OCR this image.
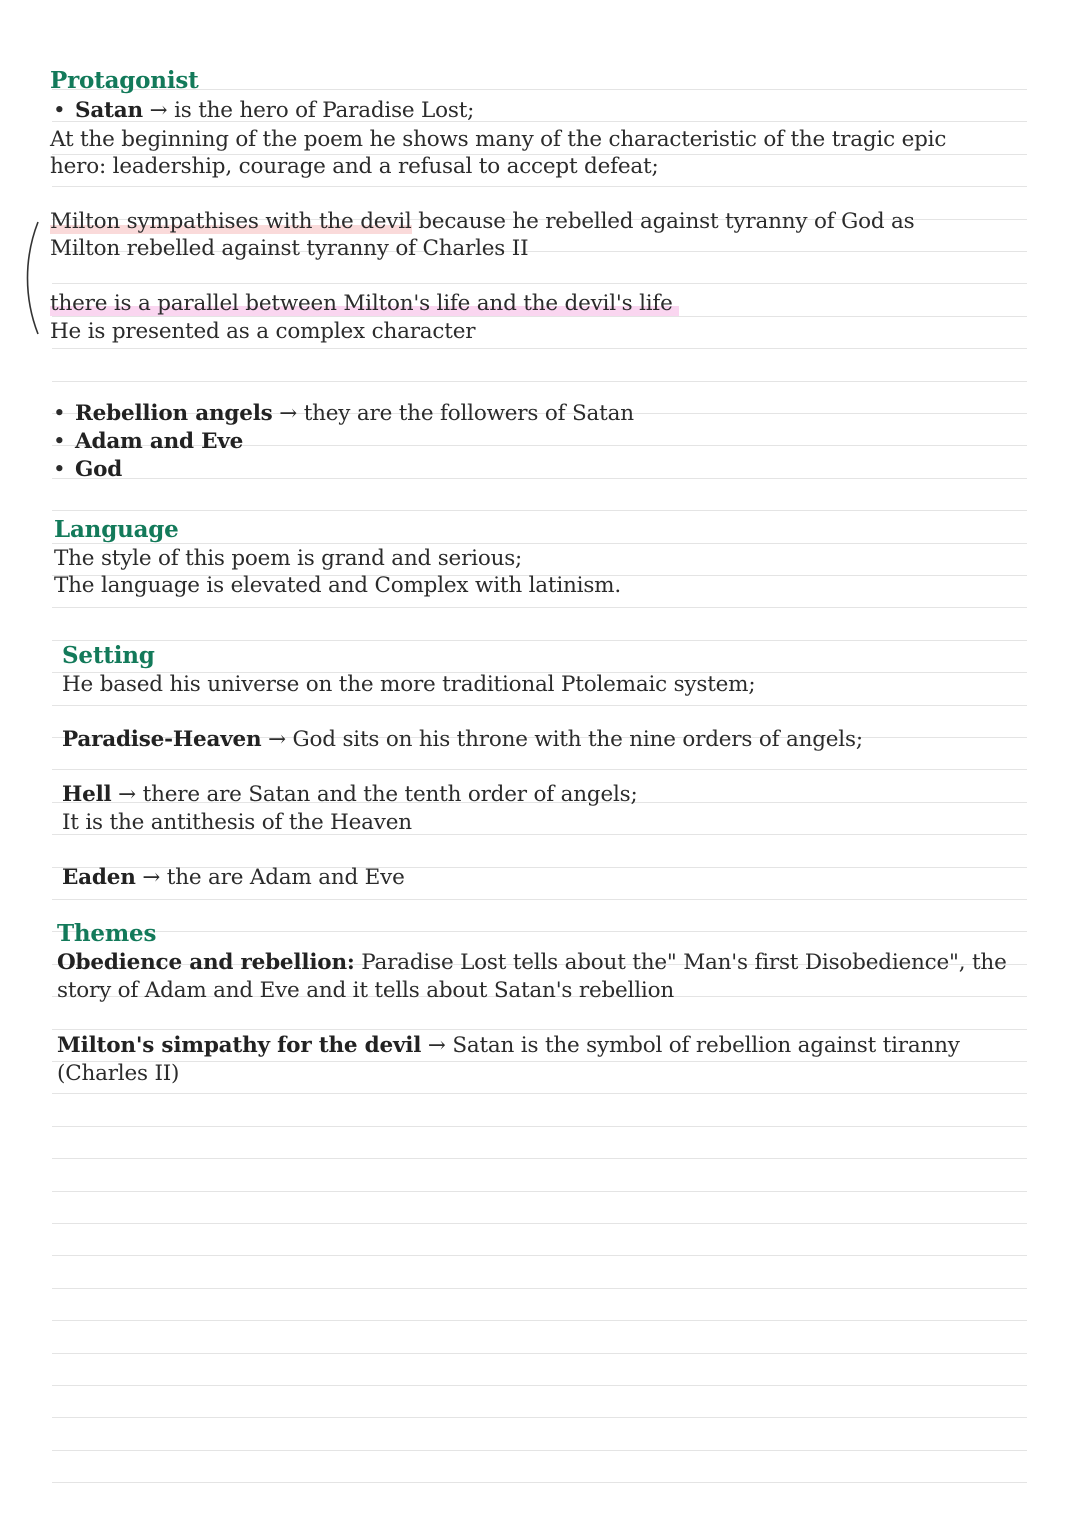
Protagonist
• Satan → is the hero of Paradise Lost;
At the beginning of the poem he shows many of the characteristic of the tragic epic
hero: leadership, courage and a refusal to accept defeat;
Milton sympathises with the devil because he rebelled against tyranny of God as
Milton rebelled against tyranny of Charles II
there is a parallel between Milton's life and the devil's life
He is presented as a complex character
• Rebellion angels → they are the followers of Satan
• Adam and Eve
• God
Language
The style of this poem is grand and serious;
The language is elevated and Complex with latinism.
Setting
He based his universe on the more traditional Ptolemaic system;
Paradise-Heaven → God sits on his throne with the nine orders of angels;
Hell → there are Satan and the tenth order of angels;
It is the antithesis of the Heaven
Eaden → the are Adam and Eve
Themes
Obedience and rebellion: Paradise Lost tells about the" Man's first Disobedience", the
story of Adam and Eve and it tells about Satan's rebellion
Milton's simpathy for the devil → Satan is the symbol of rebellion against tiranny
(Charles II)
